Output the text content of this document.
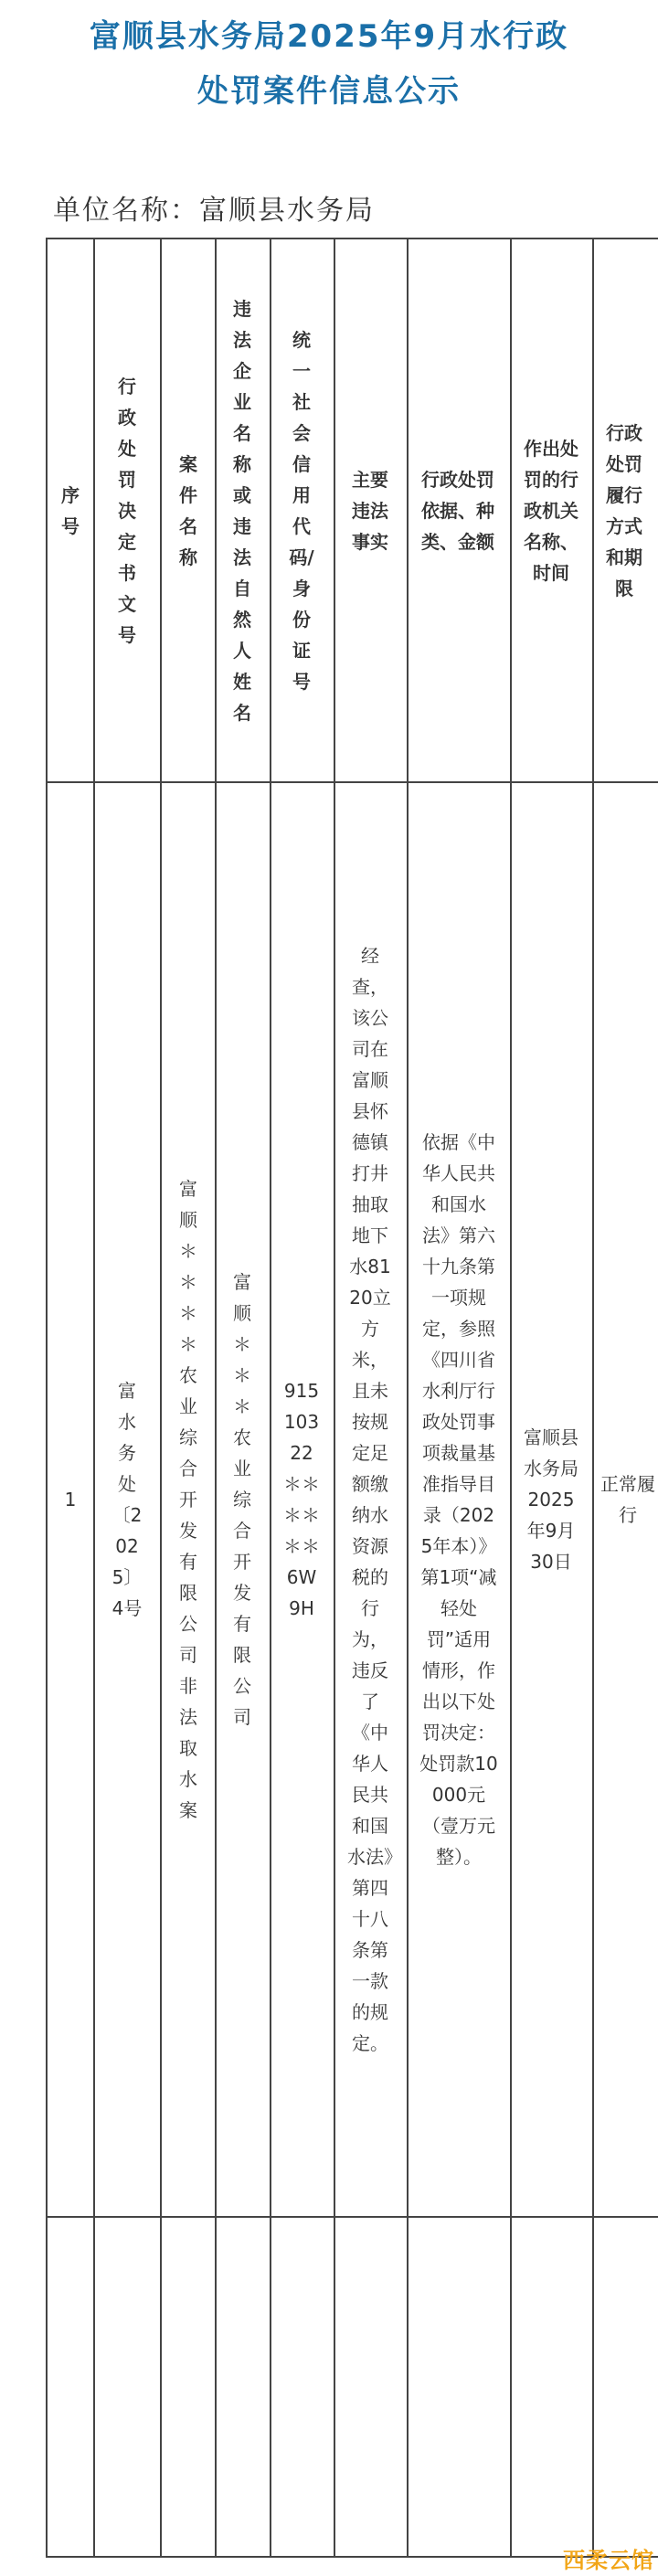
富顺县水务局2025年9月水行政
处罚案件信息公示
单位名称：富顺县水务局
序号
行政处罚决定书文号
案件名称
违法企业名称或违法自然人姓名
统一社会信用代码/身份证号
主要违法事实
行政处罚依据、种类、金额
作出处罚的行政机关名称、时间
行政处罚履行方式和期限
1
富水务处〔2025〕4号
富顺＊＊＊＊农业综合开发有限公司非法取水案
富顺＊＊＊农业综合开发有限公司
915103 22＊＊＊＊＊＊6W9H
经查，该公司在富顺县怀德镇打井抽取地下水8120立方米，且未按规定足额缴纳水资源税的行为，违反了《中华人民共和国水法》第四十八条第一款的规定。
依据《中华人民共和国水法》第六十九条第一项规定，参照《四川省水利厅行政处罚事项裁量基准指导目录（2025年本）》第1项“减轻处罚”适用情形，作出以下处罚决定：处罚款10000元（壹万元整）。
富顺县水务局2025年9月30日
正常履行
西柔云馆
